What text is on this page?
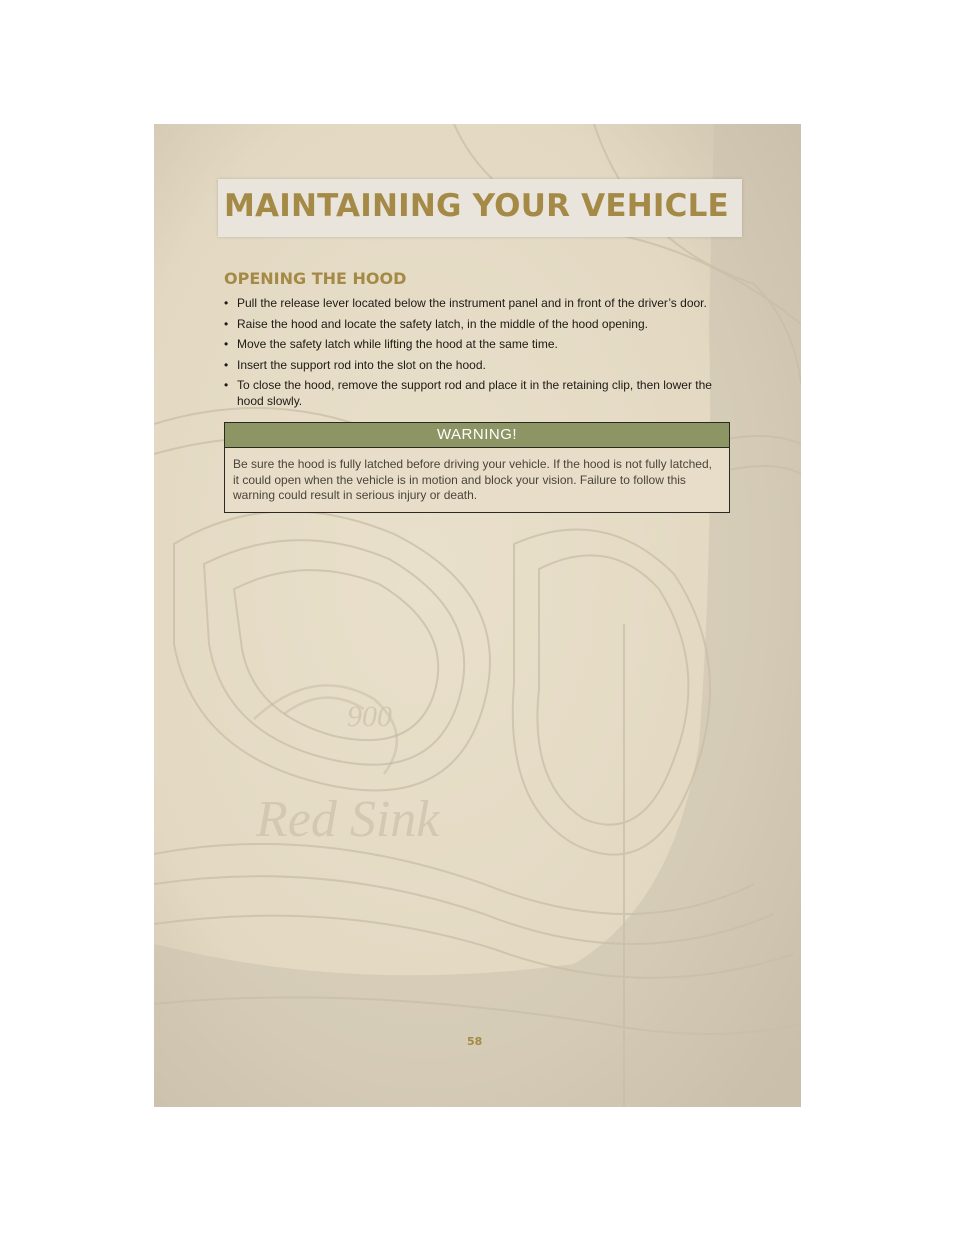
900
Red Sink
MAINTAINING YOUR VEHICLE
OPENING THE HOOD
• Pull the release lever located below the instrument panel and in front of the driver’s door.
• Raise the hood and locate the safety latch, in the middle of the hood opening.
• Move the safety latch while lifting the hood at the same time.
• Insert the support rod into the slot on the hood.
• To close the hood, remove the support rod and place it in the retaining clip, then lower the hood slowly.
WARNING!
Be sure the hood is fully latched before driving your vehicle. If the hood is not fully latched, it could open when the vehicle is in motion and block your vision. Failure to follow this warning could result in serious injury or death.
58
